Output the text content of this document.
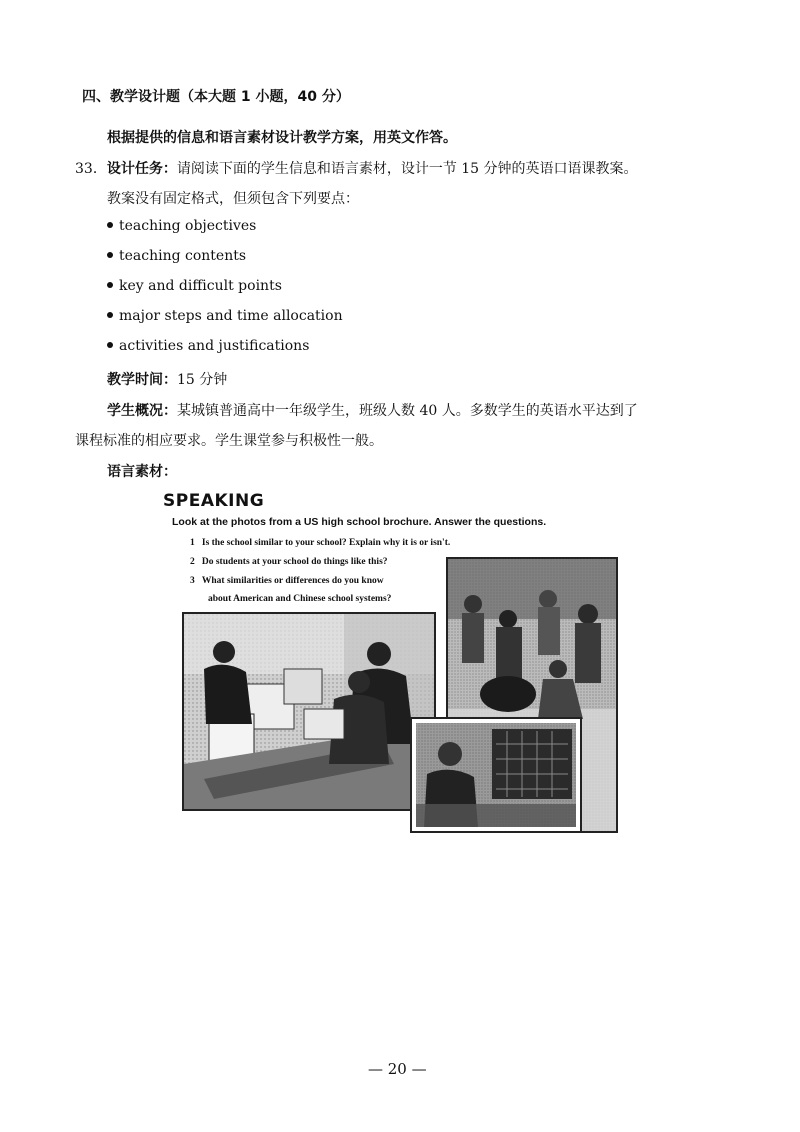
四、教学设计题（本大题 1 小题，40 分）
根据提供的信息和语言素材设计教学方案，用英文作答。
33．设计任务：请阅读下面的学生信息和语言素材，设计一节 15 分钟的英语口语课教案。
教案没有固定格式，但须包含下列要点：
teaching objectives
teaching contents
key and difficult points
major steps and time allocation
activities and justifications
教学时间：15 分钟
学生概况：某城镇普通高中一年级学生，班级人数 40 人。多数学生的英语水平达到了
课程标准的相应要求。学生课堂参与积极性一般。
语言素材：
SPEAKING
Look at the photos from a US high school brochure. Answer the questions.
1 Is the school similar to your school? Explain why it is or isn't.
2 Do students at your school do things like this?
3 What similarities or differences do you know
about American and Chinese school systems?
— 20 —
